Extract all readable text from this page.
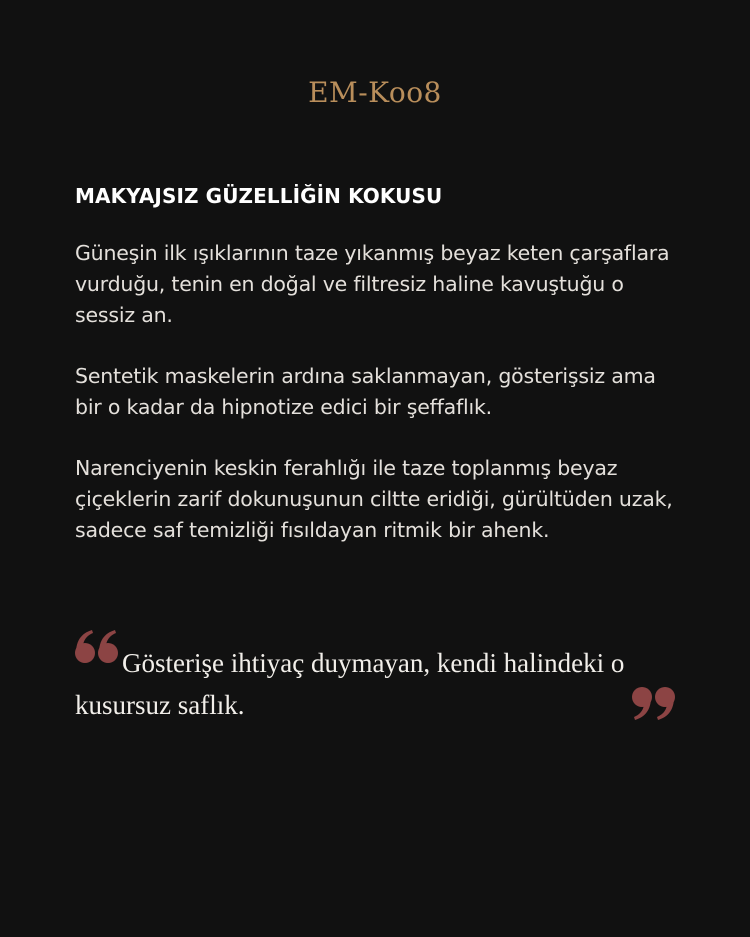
EM-Koo8
MAKYAJSIZ GÜZELLİĞİN KOKUSU

Güneşin ilk ışıklarının taze yıkanmış beyaz keten çarşaflara vurduğu, tenin en doğal ve filtresiz haline kavuştuğu o sessiz an.

Sentetik maskelerin ardına saklanmayan, gösterişsiz ama bir o kadar da hipnotize edici bir şeffaflık.

Narenciyenin keskin ferahlığı ile taze toplanmış beyaz çiçeklerin zarif dokunuşunun ciltte eridiği, gürültüden uzak, sadece saf temizliği fısıldayan ritmik bir ahenk.

Gösterişe ihtiyaç duymayan, kendi halindeki o kusursuz saflık.
